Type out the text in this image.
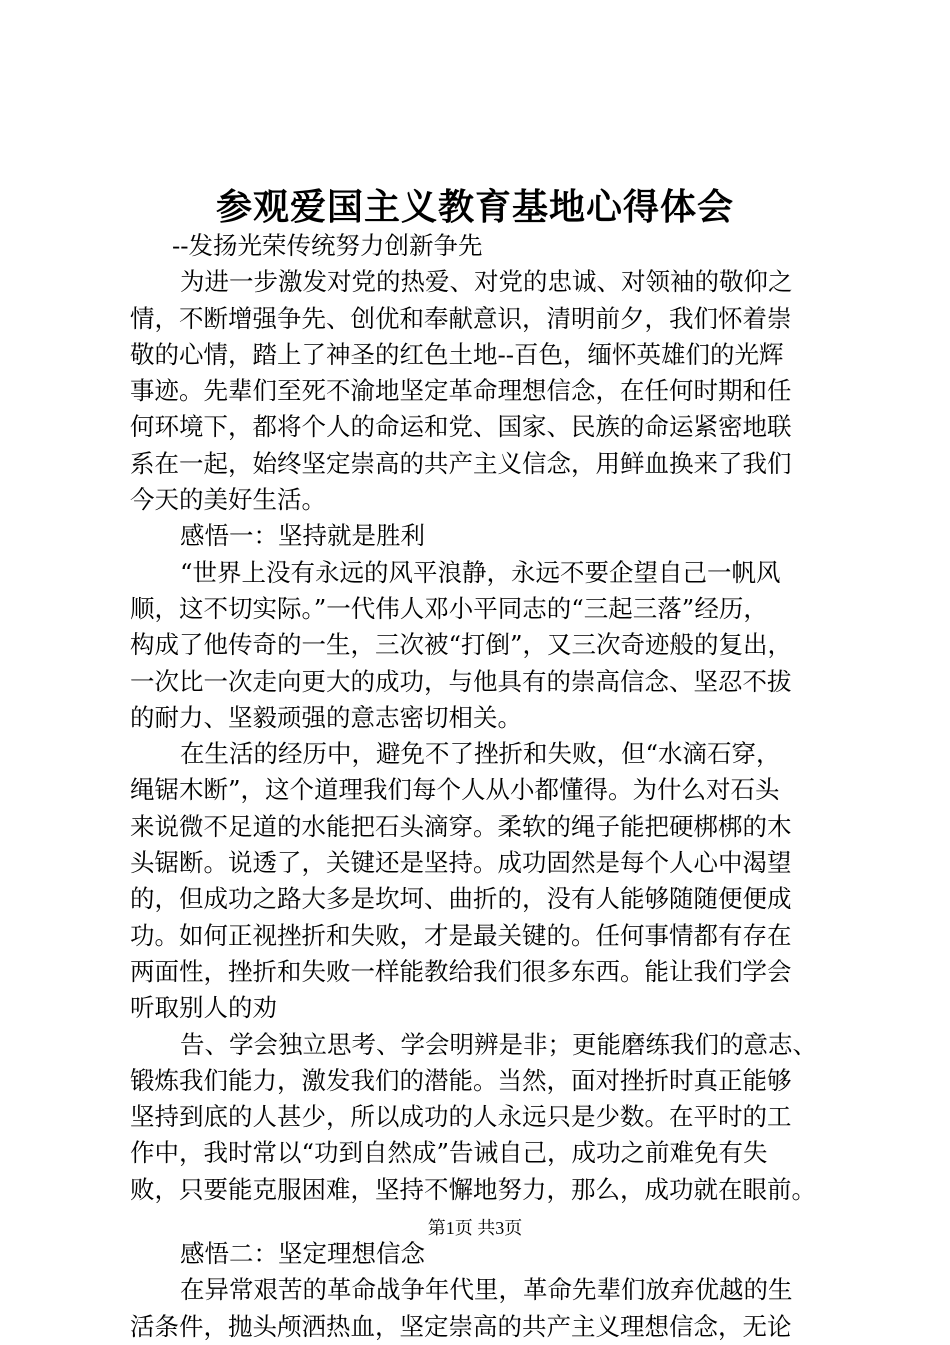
参观爱国主义教育基地心得体会
--发扬光荣传统努力创新争先
为进一步激发对党的热爱、对党的忠诚、对领袖的敬仰之
情，不断增强争先、创优和奉献意识，清明前夕，我们怀着崇
敬的心情，踏上了神圣的红色土地--百色，缅怀英雄们的光辉
事迹。先辈们至死不渝地坚定革命理想信念，在任何时期和任
何环境下，都将个人的命运和党、国家、民族的命运紧密地联
系在一起，始终坚定崇高的共产主义信念，用鲜血换来了我们
今天的美好生活。
感悟一：坚持就是胜利
“世界上没有永远的风平浪静，永远不要企望自己一帆风
顺，这不切实际。”一代伟人邓小平同志的“三起三落”经历，
构成了他传奇的一生，三次被“打倒”，又三次奇迹般的复出，
一次比一次走向更大的成功，与他具有的崇高信念、坚忍不拔
的耐力、坚毅顽强的意志密切相关。
在生活的经历中，避免不了挫折和失败，但“水滴石穿，
绳锯木断”，这个道理我们每个人从小都懂得。为什么对石头
来说微不足道的水能把石头滴穿。柔软的绳子能把硬梆梆的木
头锯断。说透了，关键还是坚持。成功固然是每个人心中渴望
的，但成功之路大多是坎坷、曲折的，没有人能够随随便便成
功。如何正视挫折和失败，才是最关键的。任何事情都有存在
两面性，挫折和失败一样能教给我们很多东西。能让我们学会
听取别人的劝
告、学会独立思考、学会明辨是非；更能磨练我们的意志、
锻炼我们能力，激发我们的潜能。当然，面对挫折时真正能够
坚持到底的人甚少，所以成功的人永远只是少数。在平时的工
作中，我时常以“功到自然成”告诫自己，成功之前难免有失
败，只要能克服困难，坚持不懈地努力，那么，成功就在眼前。
感悟二：坚定理想信念
在异常艰苦的革命战争年代里，革命先辈们放弃优越的生
活条件，抛头颅洒热血，坚定崇高的共产主义理想信念，无论
第1页 共3页
